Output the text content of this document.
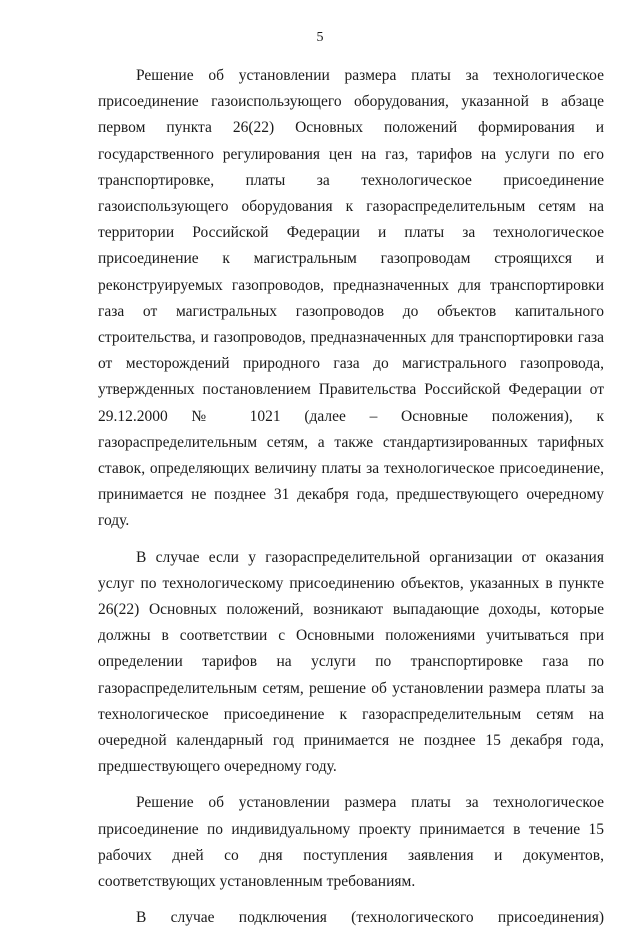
5

Решение об установлении размера платы за технологическое присоединение газоиспользующего оборудования, указанной в абзаце первом пункта 26(22) Основных положений формирования и государственного регулирования цен на газ, тарифов на услуги по его транспортировке, платы за технологическое присоединение газоиспользующего оборудования к газораспределительным сетям на территории Российской Федерации и платы за технологическое присоединение к магистральным газопроводам строящихся и реконструируемых газопроводов, предназначенных для транспортировки газа от магистральных газопроводов до объектов капитального строительства, и газопроводов, предназначенных для транспортировки газа от месторождений природного газа до магистрального газопровода, утвержденных постановлением Правительства Российской Федерации от 29.12.2000 № 1021 (далее – Основные положения), к газораспределительным сетям, а также стандартизированных тарифных ставок, определяющих величину платы за технологическое присоединение, принимается не позднее 31 декабря года, предшествующего очередному году.

В случае если у газораспределительной организации от оказания услуг по технологическому присоединению объектов, указанных в пункте 26(22) Основных положений, возникают выпадающие доходы, которые должны в соответствии с Основными положениями учитываться при определении тарифов на услуги по транспортировке газа по газораспределительным сетям, решение об установлении размера платы за технологическое присоединение к газораспределительным сетям на очередной календарный год принимается не позднее 15 декабря года, предшествующего очередному году.

Решение об установлении размера платы за технологическое присоединение по индивидуальному проекту принимается в течение 15 рабочих дней со дня поступления заявления и документов, соответствующих установленным требованиям.

В случае подключения (технологического присоединения)
